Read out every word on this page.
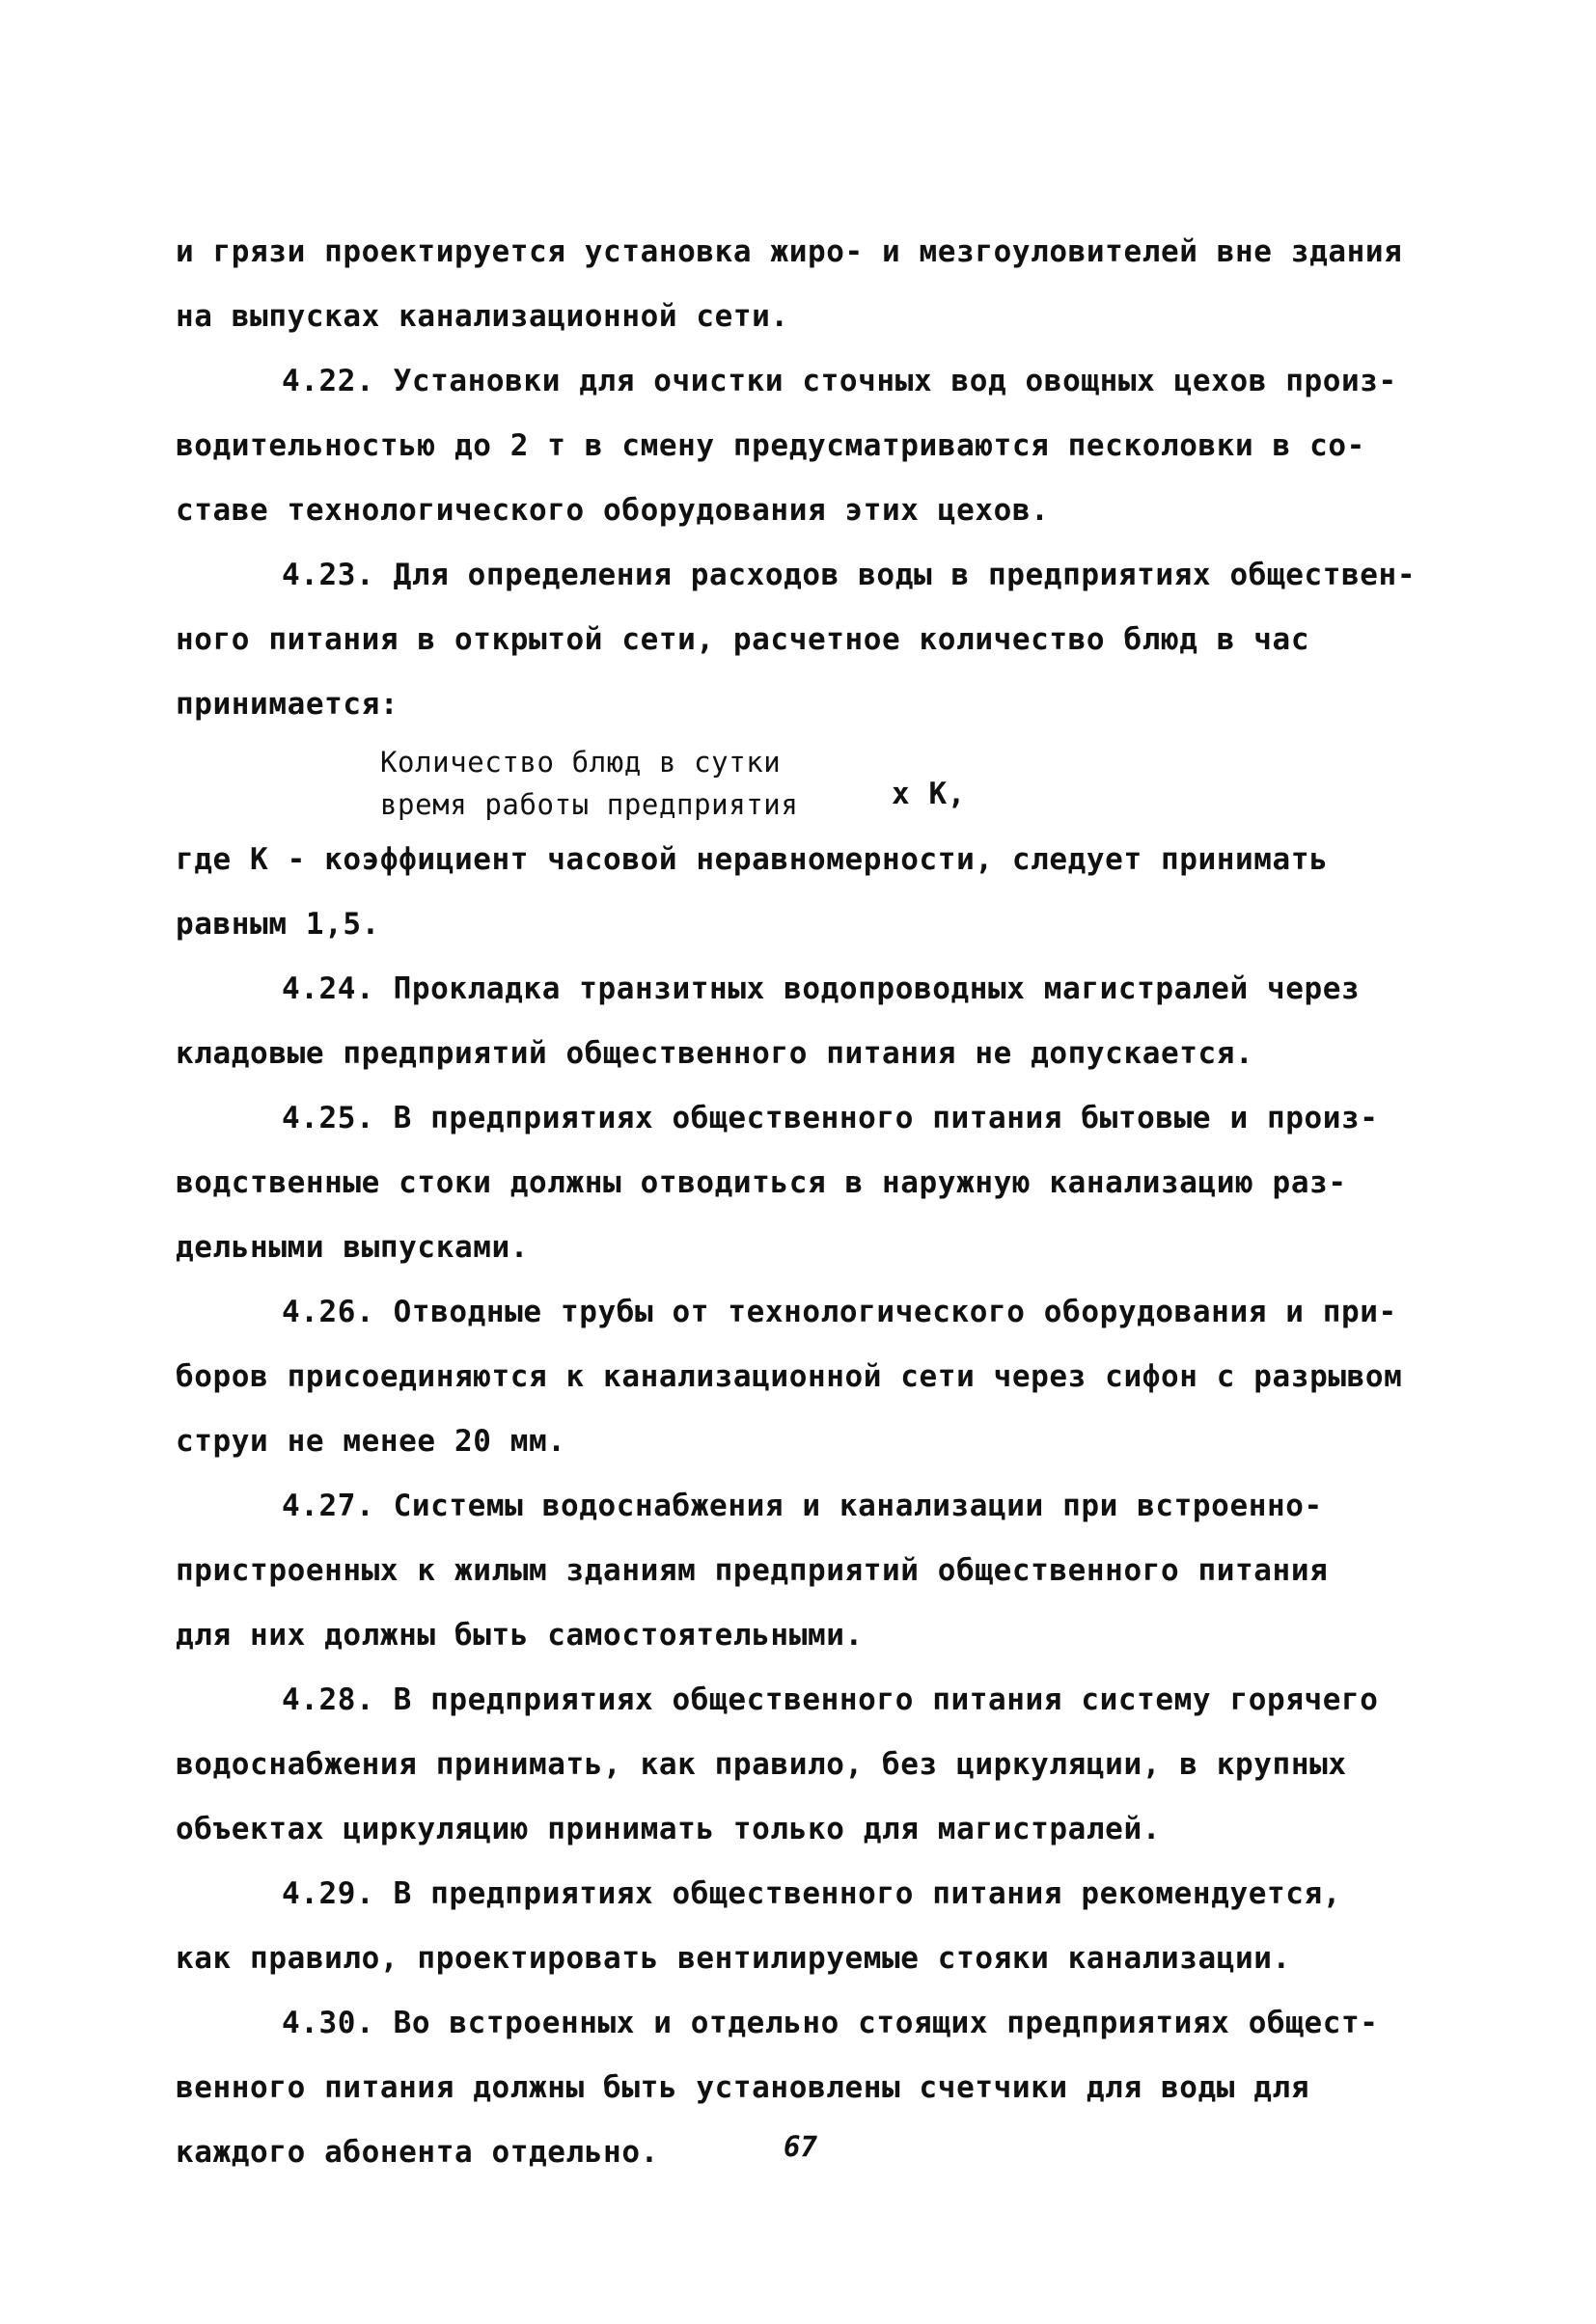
и грязи проектируется установка жиро- и мезгоуловителей вне здания
на выпусках канализационной сети.
4.22. Установки для очистки сточных вод овощных цехов произ-
водительностью до 2 т в смену предусматриваются песколовки в со-
ставе технологического оборудования этих цехов.
4.23. Для определения расходов воды в предприятиях обществен-
ного питания в открытой сети, расчетное количество блюд в час
принимается:
Количество блюд в сутки
время работы предприятия	x K,
где К - коэффициент часовой неравномерности, следует принимать
равным 1,5.
4.24. Прокладка транзитных водопроводных магистралей через
кладовые предприятий общественного питания не допускается.
4.25. В предприятиях общественного питания бытовые и произ-
водственные стоки должны отводиться в наружную канализацию раз-
дельными выпусками.
4.26. Отводные трубы от технологического оборудования и при-
боров присоединяются к канализационной сети через сифон с разрывом
струи не менее 20 мм.
4.27. Системы водоснабжения и канализации при встроенно-
пристроенных к жилым зданиям предприятий общественного питания
для них должны быть самостоятельными.
4.28. В предприятиях общественного питания систему горячего
водоснабжения принимать, как правило, без циркуляции, в крупных
объектах циркуляцию принимать только для магистралей.
4.29. В предприятиях общественного питания рекомендуется,
как правило, проектировать вентилируемые стояки канализации.
4.30. Во встроенных и отдельно стоящих предприятиях общест-
венного питания должны быть установлены счетчики для воды для
каждого абонента отдельно.	67
